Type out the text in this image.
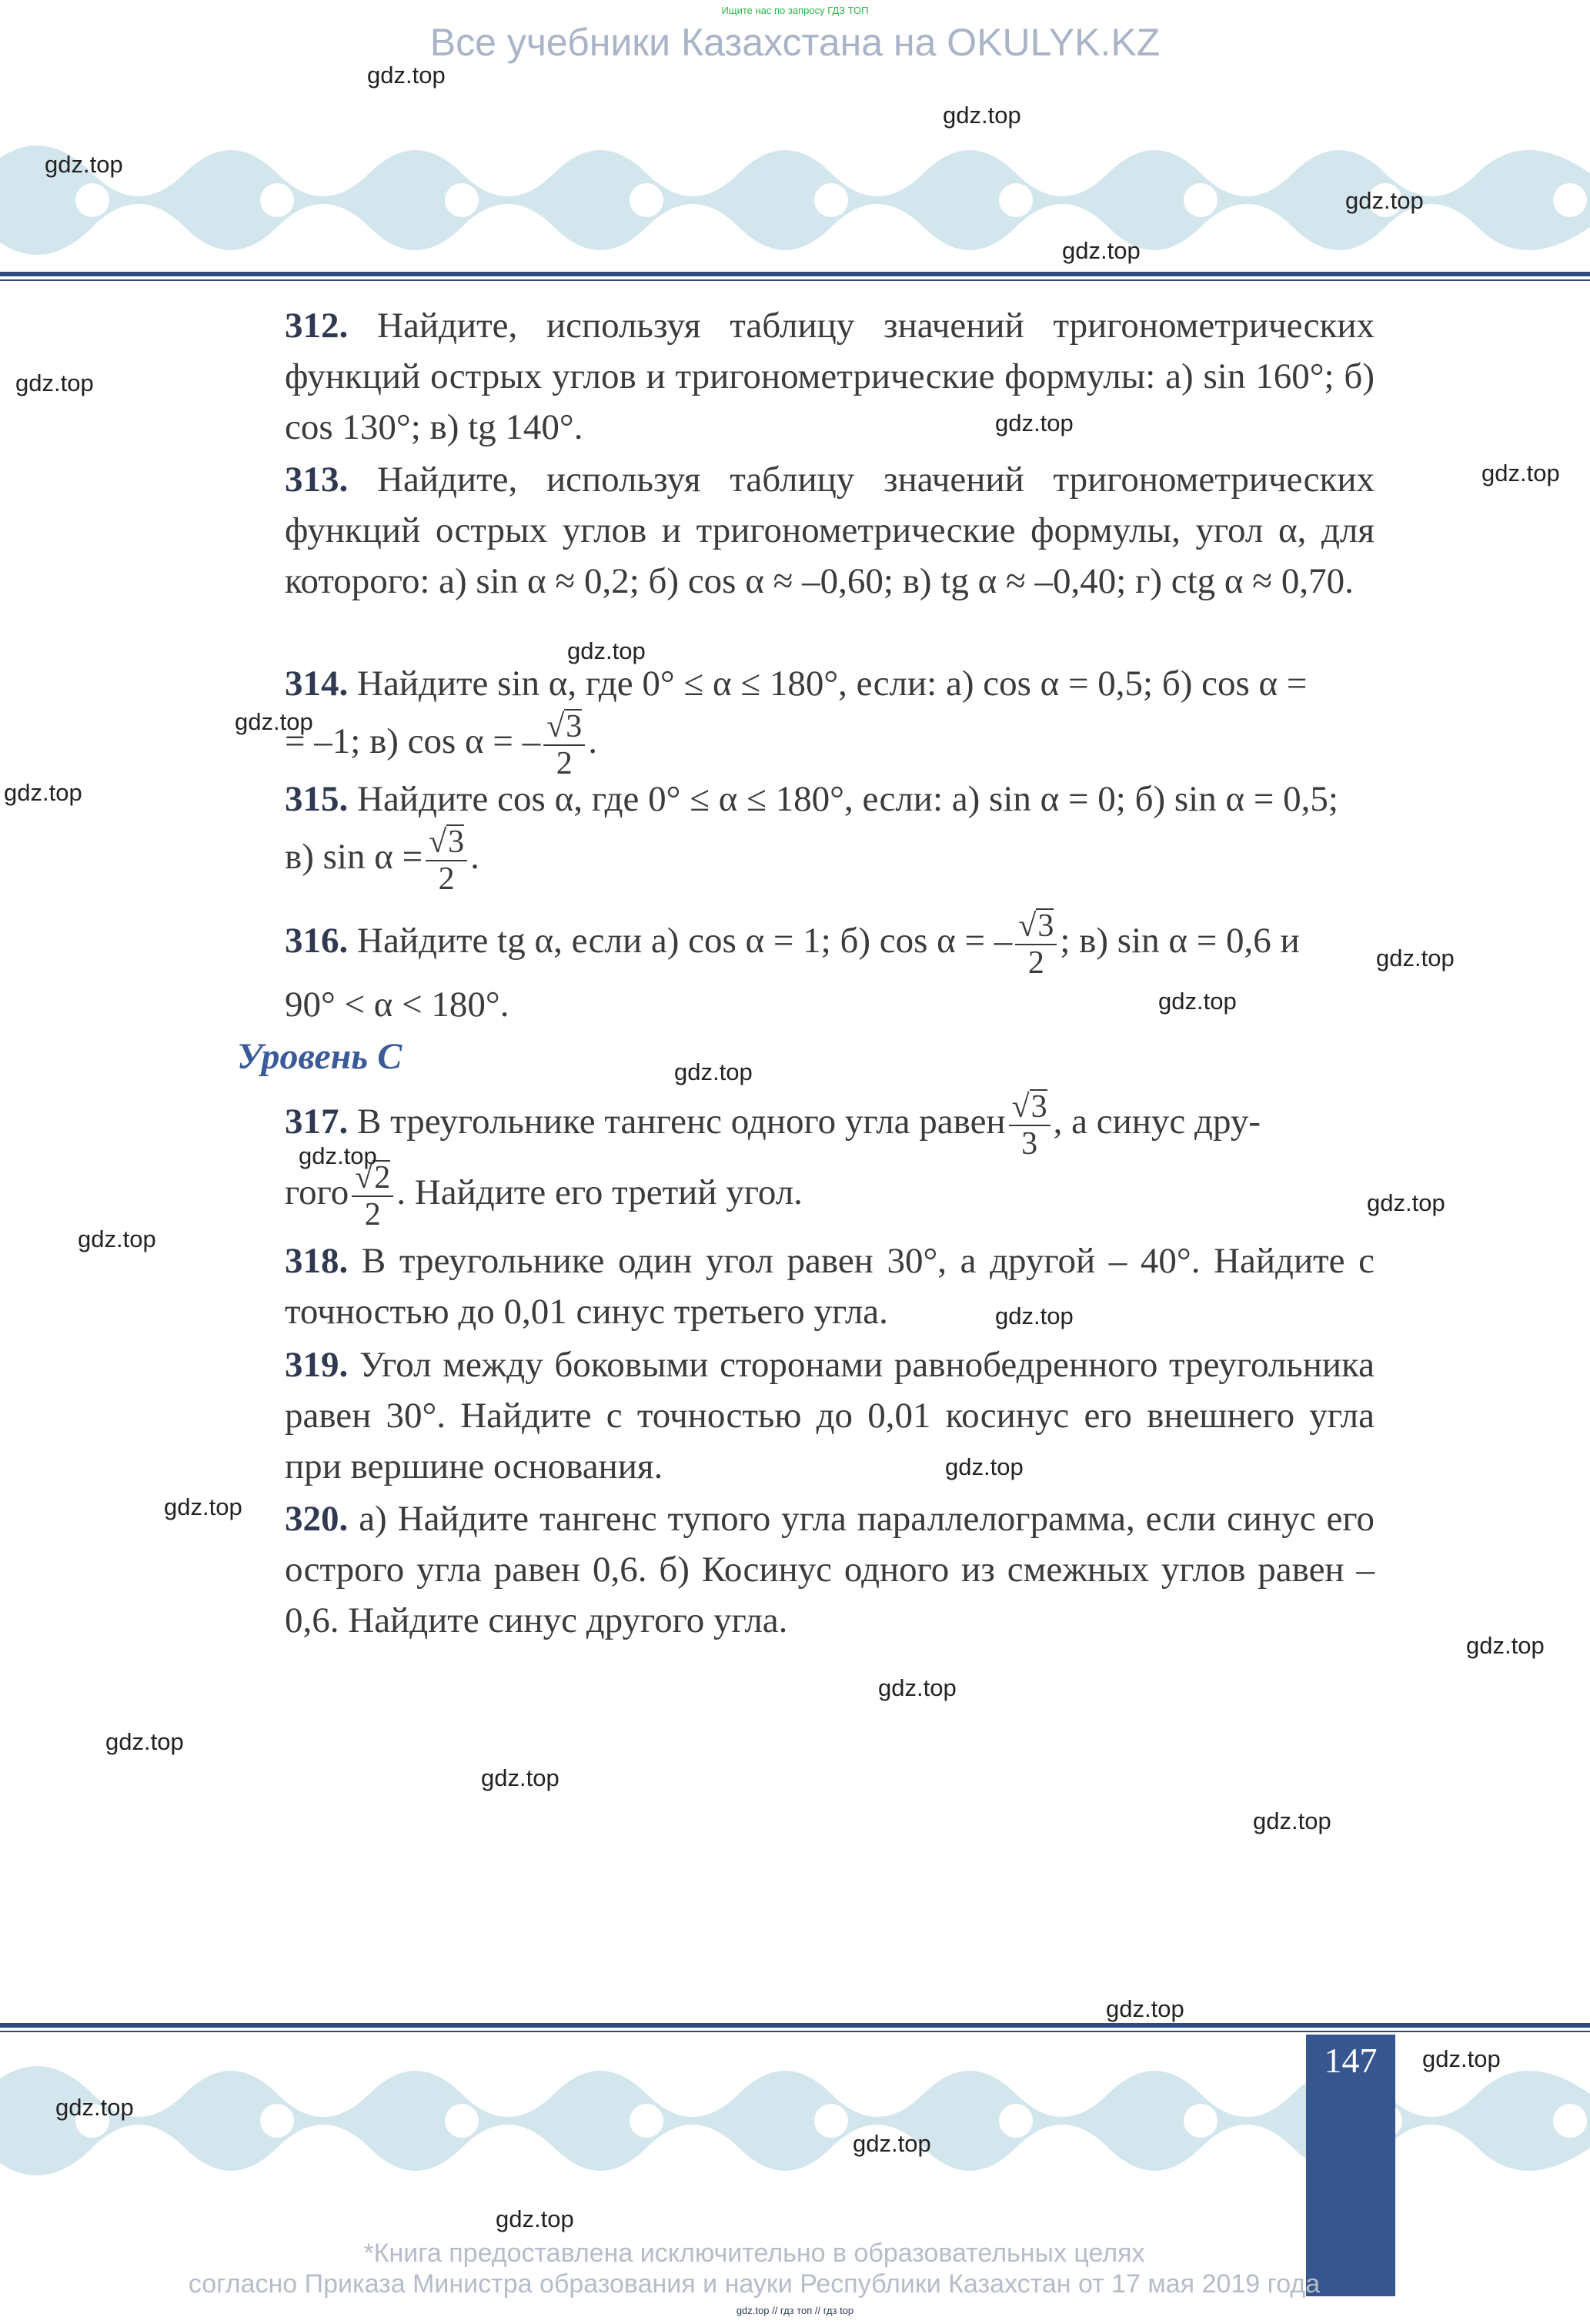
Ищите нас по запросу ГДЗ ТОП
Все учебники Казахстана на OKULYK.KZ
312. Найдите, используя таблицу значений тригонометрических функций острых углов и тригонометрические формулы: а) sin 160°; б) cos 130°; в) tg 140°.
313. Найдите, используя таблицу значений тригонометрических функций острых углов и тригонометрические формулы, угол α, для которого: а) sin α ≈ 0,2; б) cos α ≈ –0,60; в) tg α ≈ –0,40; г) ctg α ≈ 0,70.
314. Найдите sin α, где 0° ≤ α ≤ 180°, если: а) cos α = 0,5; б) cos α =
= –1; в) cos α = – $\frac{√3}{2}$ .
315. Найдите cos α, где 0° ≤ α ≤ 180°, если: а) sin α = 0; б) sin α = 0,5;
в) $\sin \alpha = \frac{√3}{2}$ .
316. Найдите tg α, если а) cos α = 1; б) cos α = – $\frac{√3}{2}$ ; в) sin α = 0,6 и
90° < α < 180°.
Уровень C
317. В треугольнике тангенс одного угла равен $\frac{√3}{3}$ , а синус дру-
гого $\frac{√2}{2}$ . Найдите его третий угол.
318. В треугольнике один угол равен 30°, а другой – 40°. Найдите с точностью до 0,01 синус третьего угла.
319. Угол между боковыми сторонами равнобедренного треугольника равен 30°. Найдите с точностью до 0,01 косинус его внешнего угла при вершине основания.
320. а) Найдите тангенс тупого угла параллелограмма, если синус его острого угла равен 0,6. б) Косинус одного из смежных углов равен –0,6. Найдите синус другого угла.
147
*Книга предоставлена исключительно в образовательных целях
согласно Приказа Министра образования и науки Республики Казахстан от 17 мая 2019 года
gdz.top // гдз топ // гдз top
gdz.top
gdz.top
gdz.top
gdz.top
gdz.top
gdz.top
gdz.top
gdz.top
gdz.top
gdz.top
gdz.top
gdz.top
gdz.top
gdz.top
gdz.top
gdz.top
gdz.top
gdz.top
gdz.top
gdz.top
gdz.top
gdz.top
gdz.top
gdz.top
gdz.top
gdz.top
gdz.top
gdz.top
gdz.top
gdz.top
